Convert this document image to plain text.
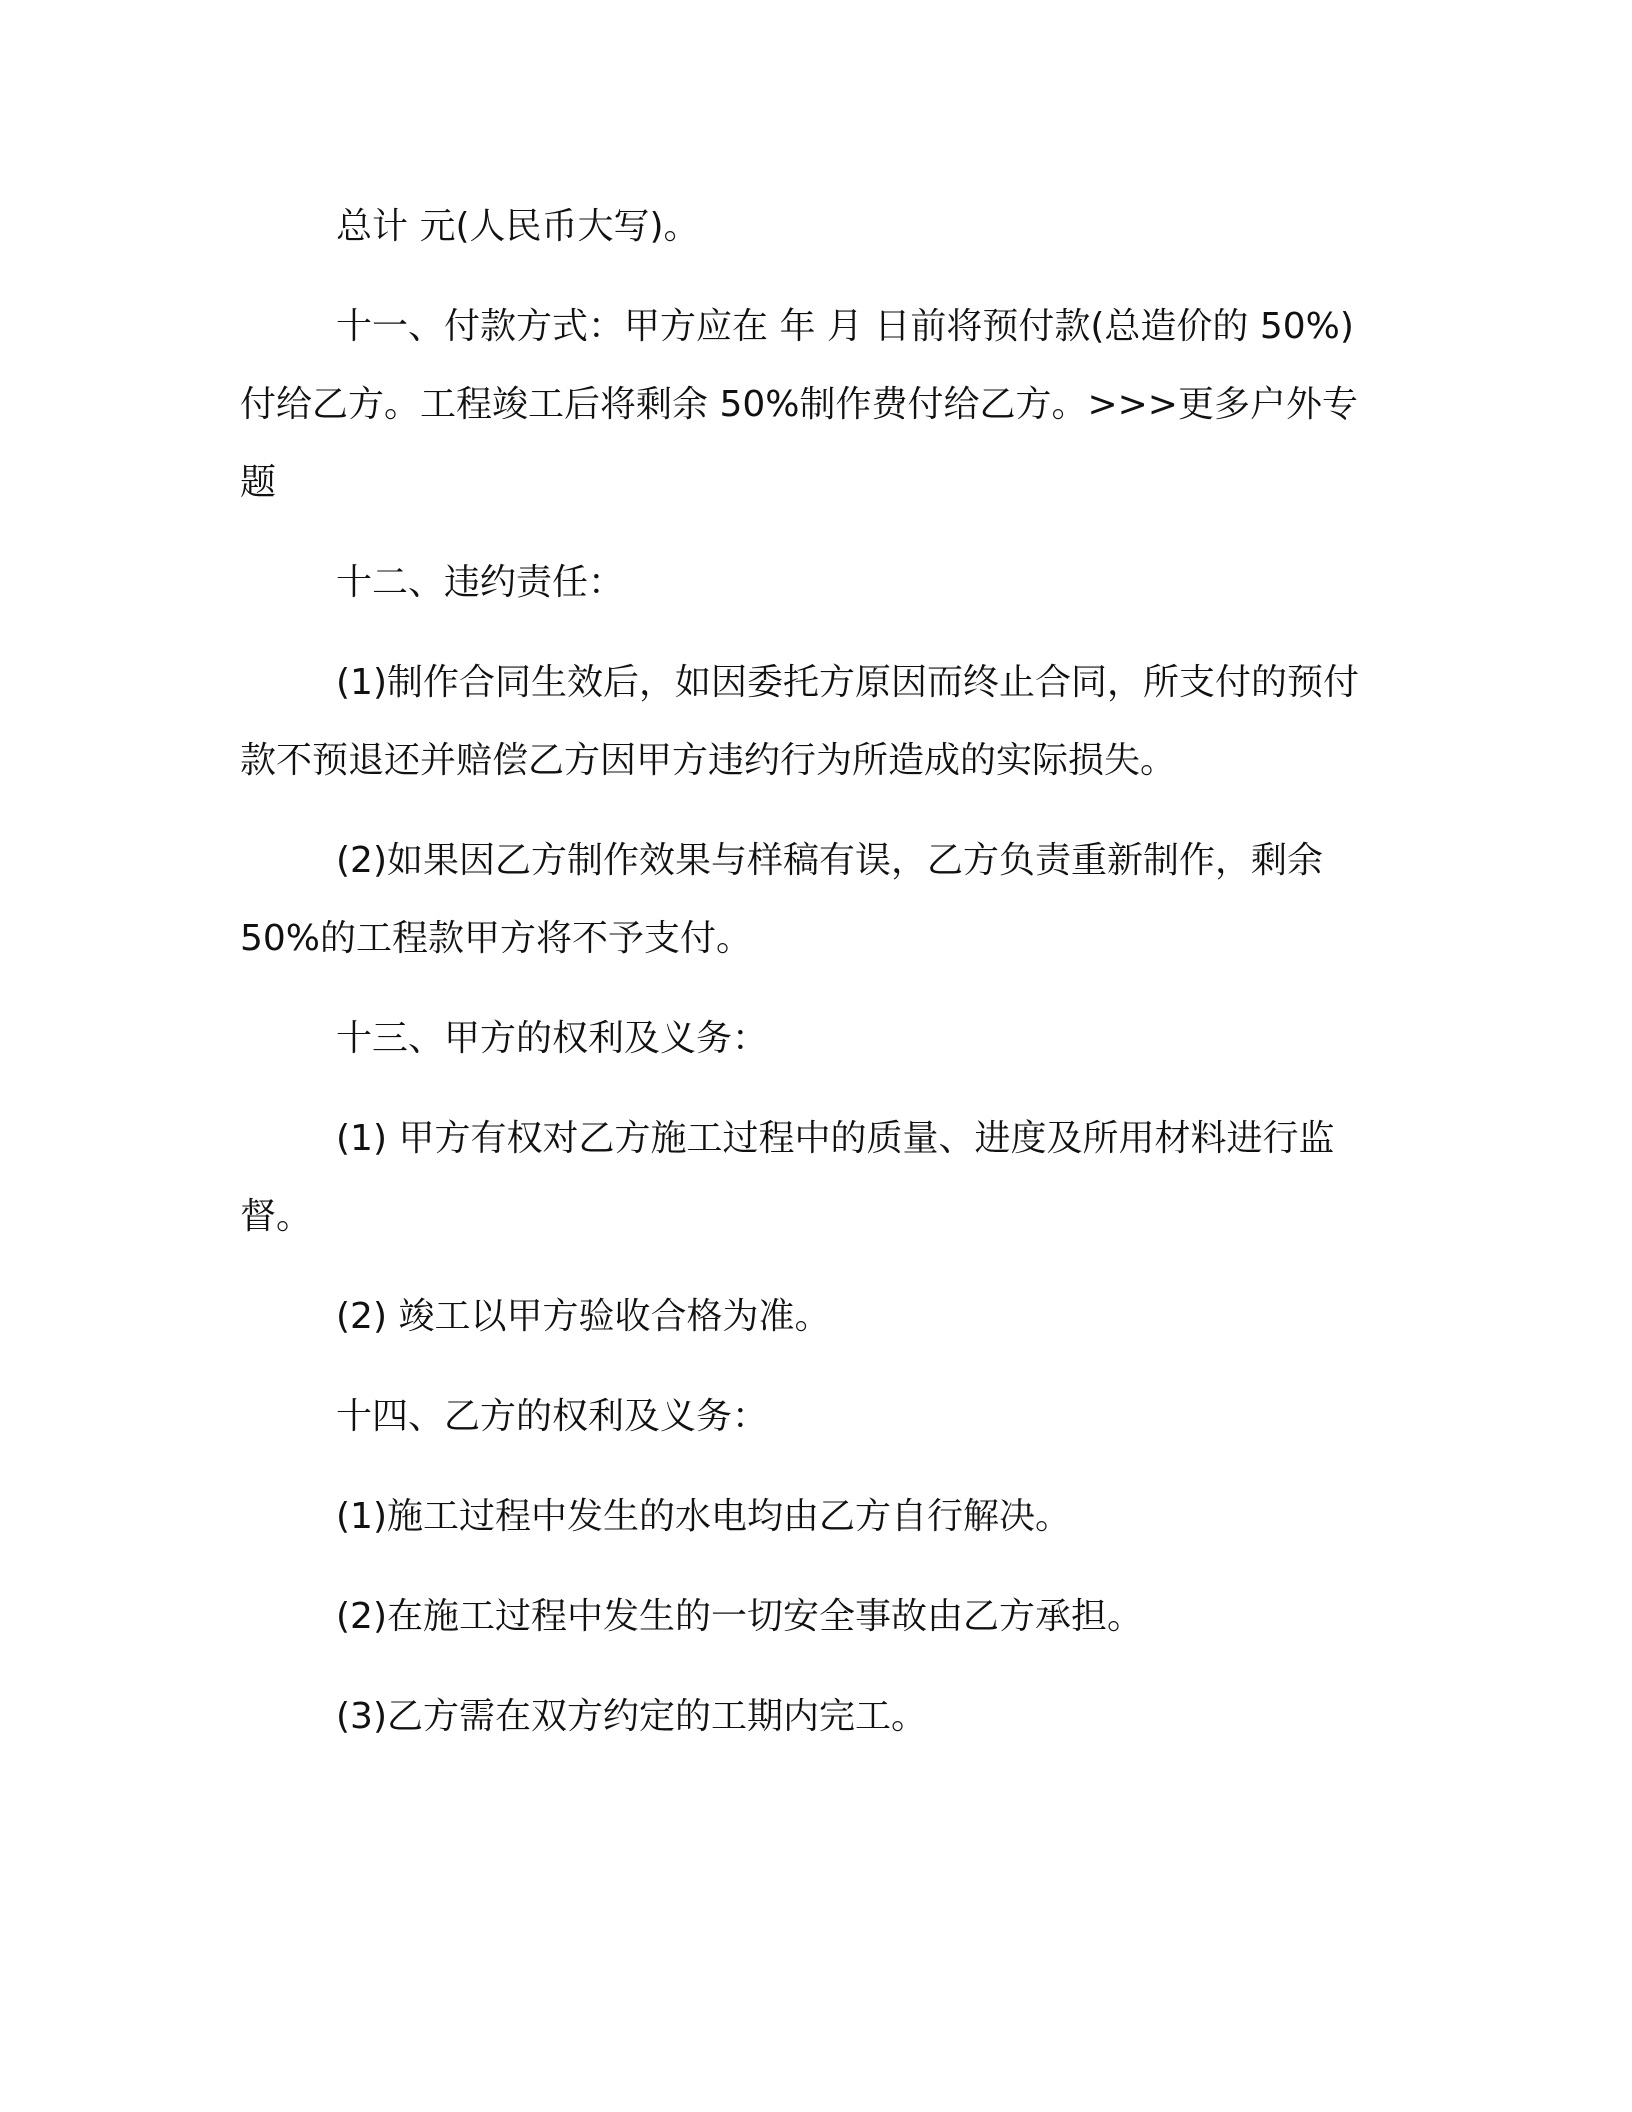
总计 元(人民币大写)。
十一、付款方式：甲方应在 年 月 日前将预付款(总造价的 50%)
付给乙方。工程竣工后将剩余 50%制作费付给乙方。>>>更多户外专
题
十二、违约责任：
(1)制作合同生效后，如因委托方原因而终止合同，所支付的预付
款不预退还并赔偿乙方因甲方违约行为所造成的实际损失。
(2)如果因乙方制作效果与样稿有误，乙方负责重新制作，剩余
50%的工程款甲方将不予支付。
十三、甲方的权利及义务：
(1) 甲方有权对乙方施工过程中的质量、进度及所用材料进行监
督。
(2) 竣工以甲方验收合格为准。
十四、乙方的权利及义务：
(1)施工过程中发生的水电均由乙方自行解决。
(2)在施工过程中发生的一切安全事故由乙方承担。
(3)乙方需在双方约定的工期内完工。
